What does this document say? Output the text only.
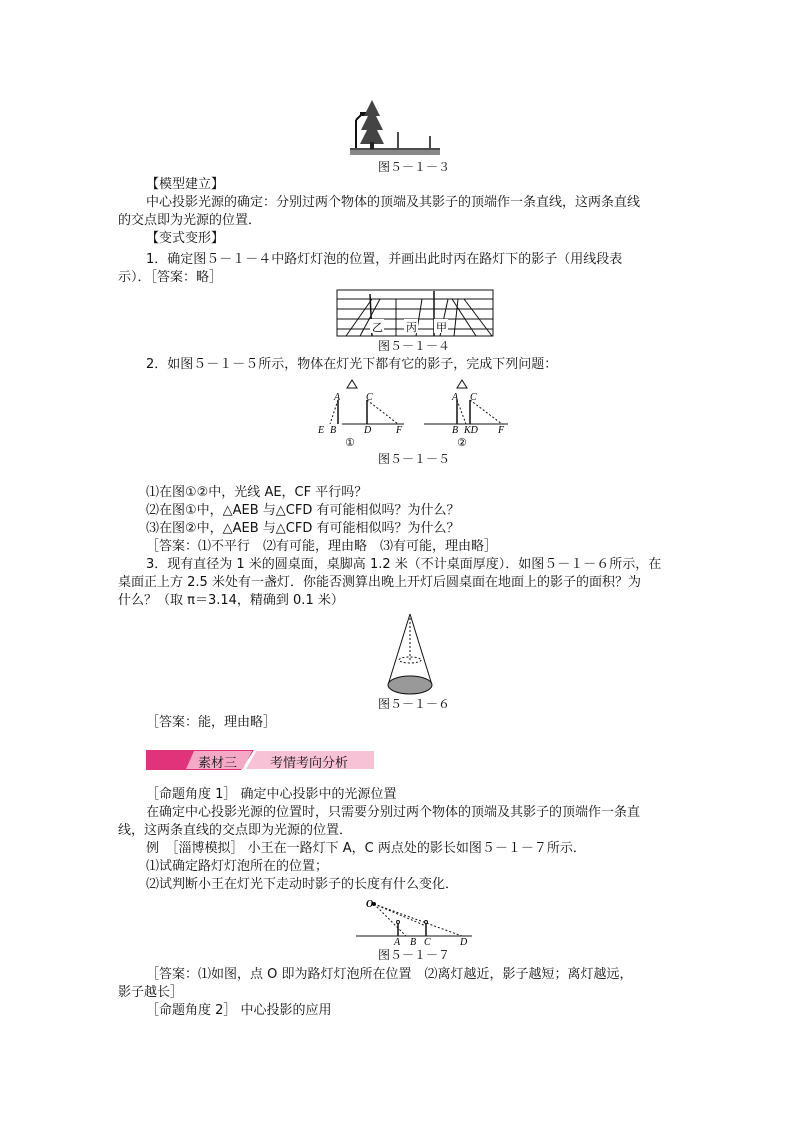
图５－１－３
【模型建立】
中心投影光源的确定：分别过两个物体的顶端及其影子的顶端作一条直线，这两条直线
的交点即为光源的位置．
【变式变形】
1．确定图５－１－４中路灯灯泡的位置，并画出此时丙在路灯下的影子（用线段表
示）．［答案：略］
乙 丙 甲
图５－１－４
2．如图５－１－５所示，物体在灯光下都有它的影子，完成下列问题：
A	C
E B	D F
①
A C
B KD F
②
图５－１－５
⑴在图①②中，光线 AE，CF 平行吗？
⑵在图①中，△AEB 与△CFD 有可能相似吗？为什么？
⑶在图②中，△AEB 与△CFD 有可能相似吗？为什么？
［答案：⑴不平行　⑵有可能，理由略　⑶有可能，理由略］
3．现有直径为 1 米的圆桌面，桌脚高 1.2 米（不计桌面厚度）．如图５－１－６所示，在
桌面正上方 2.5 米处有一盏灯．你能否测算出晚上开灯后圆桌面在地面上的影子的面积？为
什么？（取 π＝3.14，精确到 0.1 米）
图５－１－６
［答案：能，理由略］
素材三	考情考向分析
［命题角度 1］ 确定中心投影中的光源位置
在确定中心投影光源的位置时，只需要分别过两个物体的顶端及其影子的顶端作一条直
线，这两条直线的交点即为光源的位置．
例　［淄博模拟］ 小王在一路灯下 A，C 两点处的影长如图５－１－７所示．
⑴试确定路灯灯泡所在的位置；
⑵试判断小王在灯光下走动时影子的长度有什么变化．
O
A B C	D
图５－１－７
［答案：⑴如图，点 O 即为路灯灯泡所在位置　⑵离灯越近，影子越短；离灯越远，
影子越长］
［命题角度 2］ 中心投影的应用
